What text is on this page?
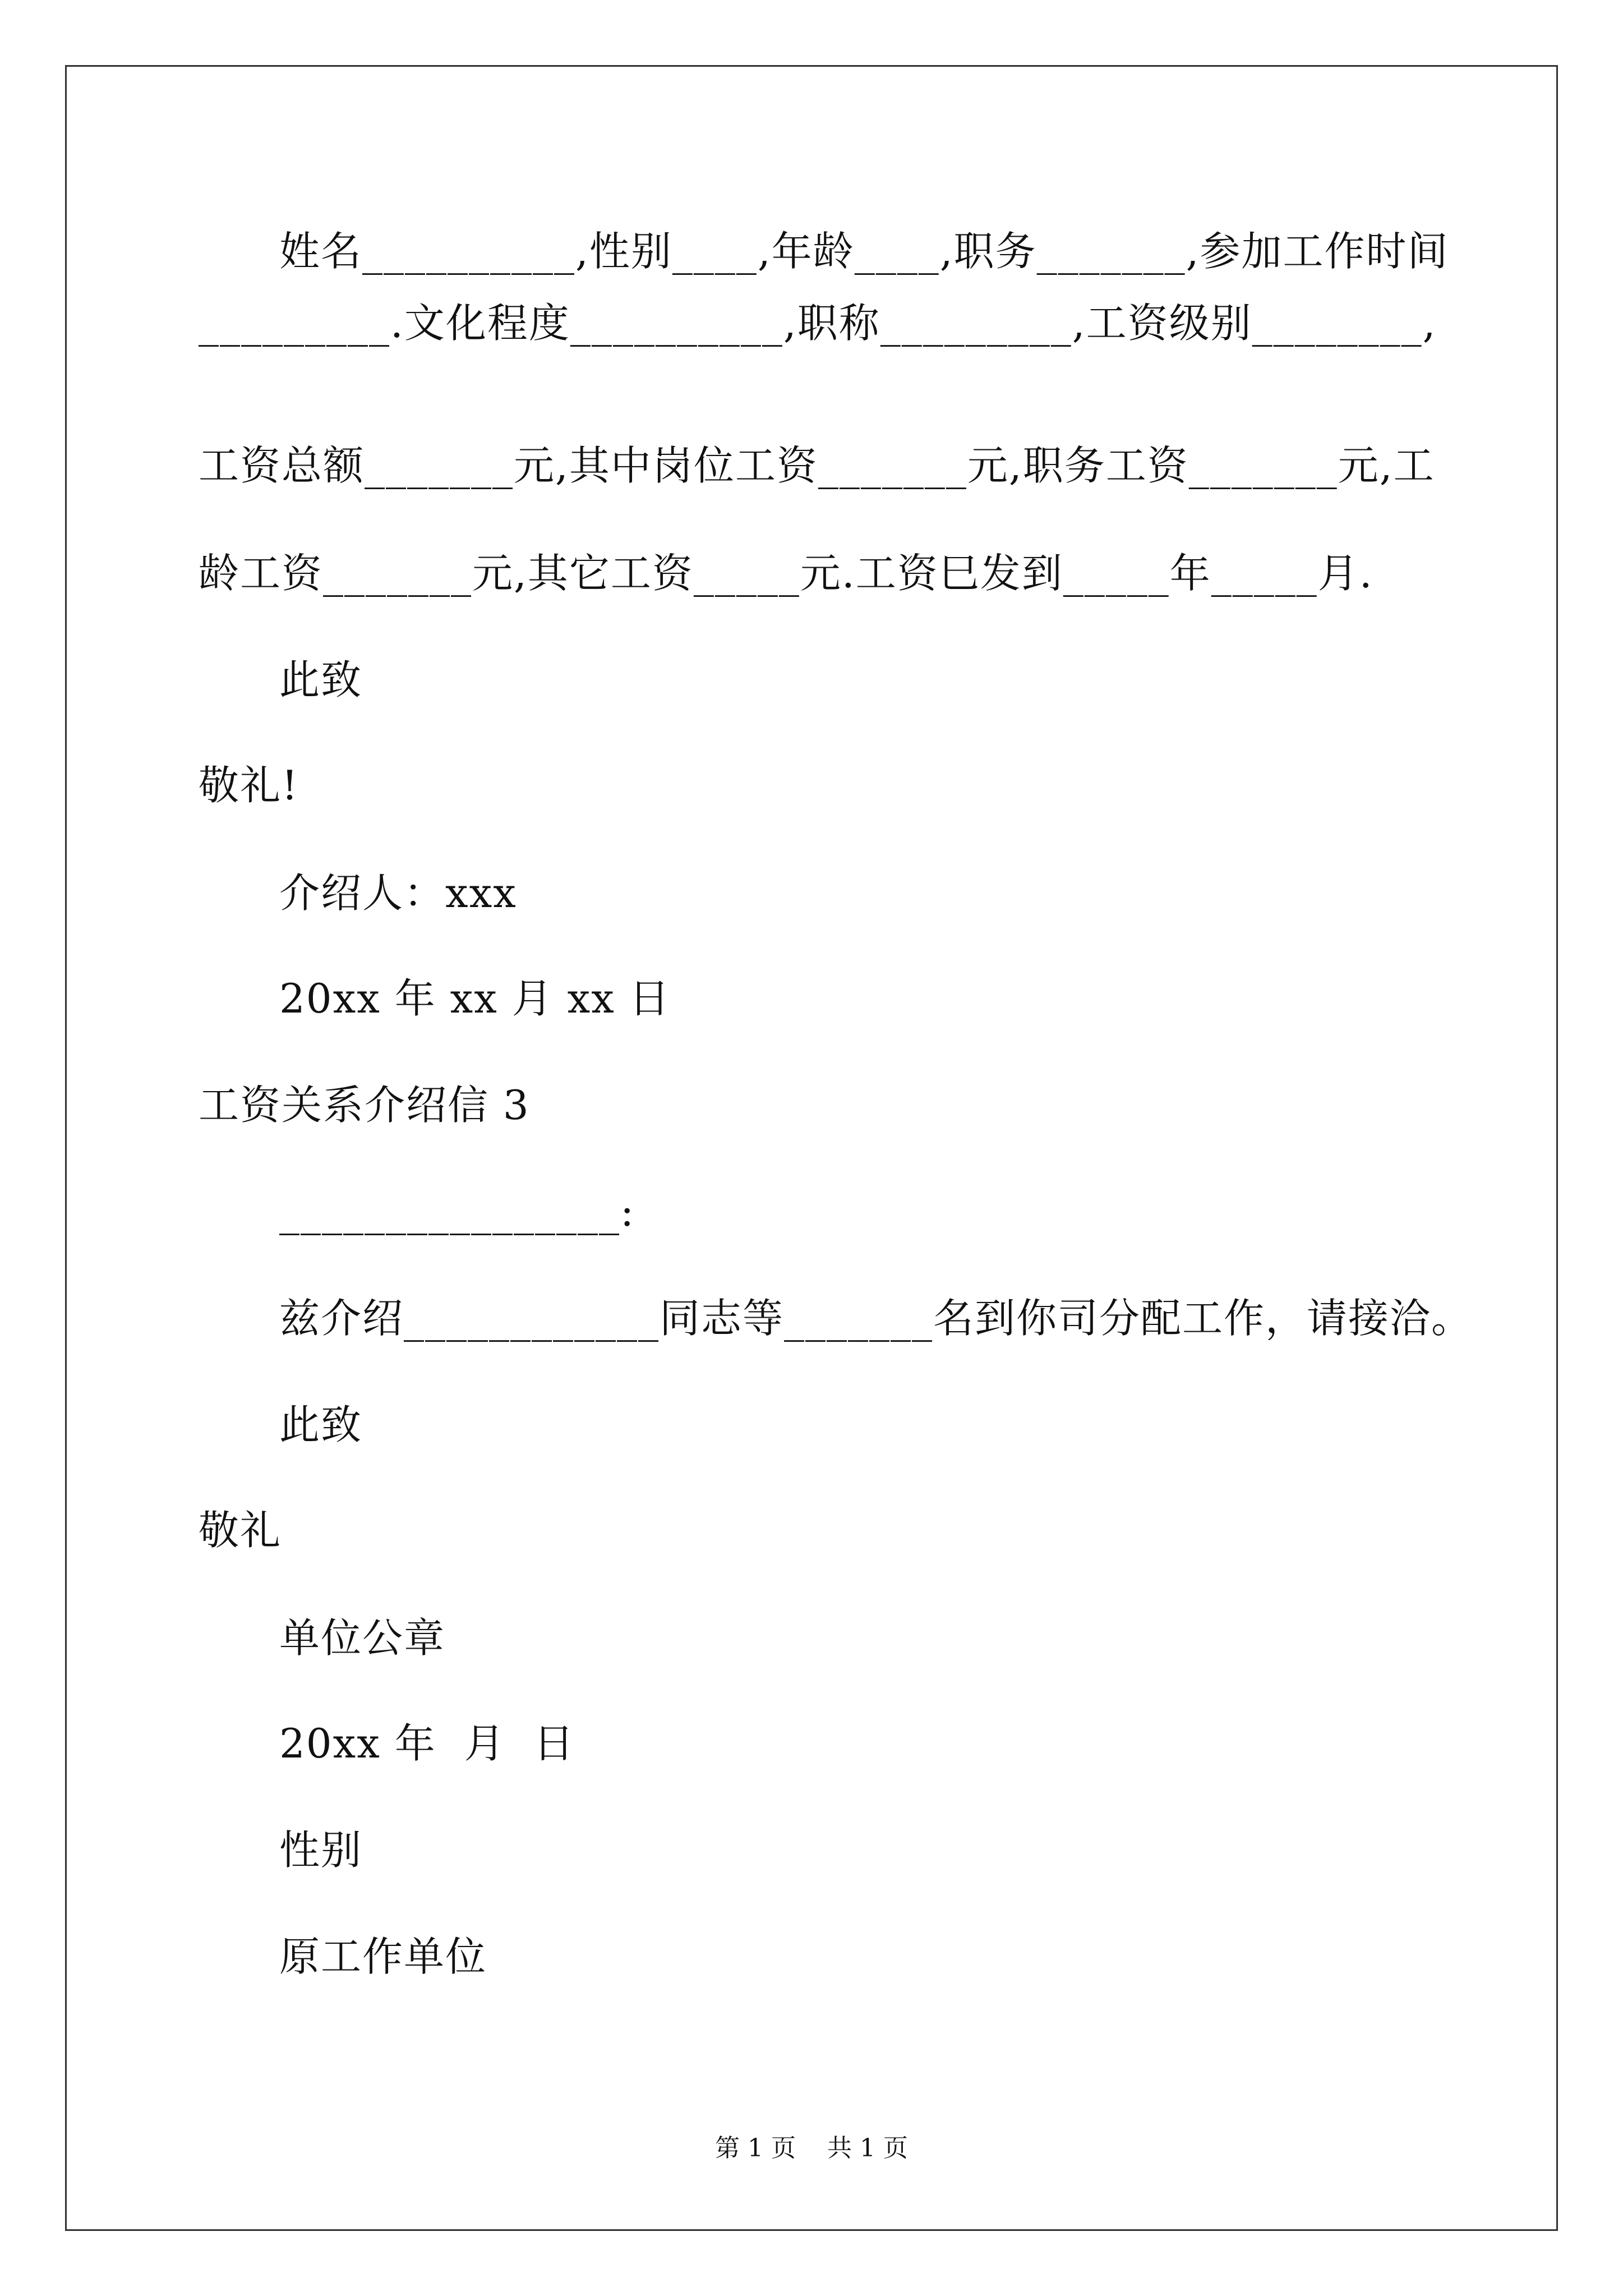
姓名__________,性别____,年龄____,职务_______,参加工作时间
_________.文化程度__________,职称_________,工资级别________,
工资总额_______元,其中岗位工资_______元,职务工资_______元,工
龄工资_______元,其它工资_____元.工资巳发到_____年_____月.
此致
敬礼!
介绍人：xxx
20xx 年 xx 月 xx 日
工资关系介绍信 3
________________:
兹介绍____________同志等_______名到你司分配工作，请接洽。
此致
敬礼
单位公章
20xx 年  月  日
性别
原工作单位
第 1 页    共 1 页
